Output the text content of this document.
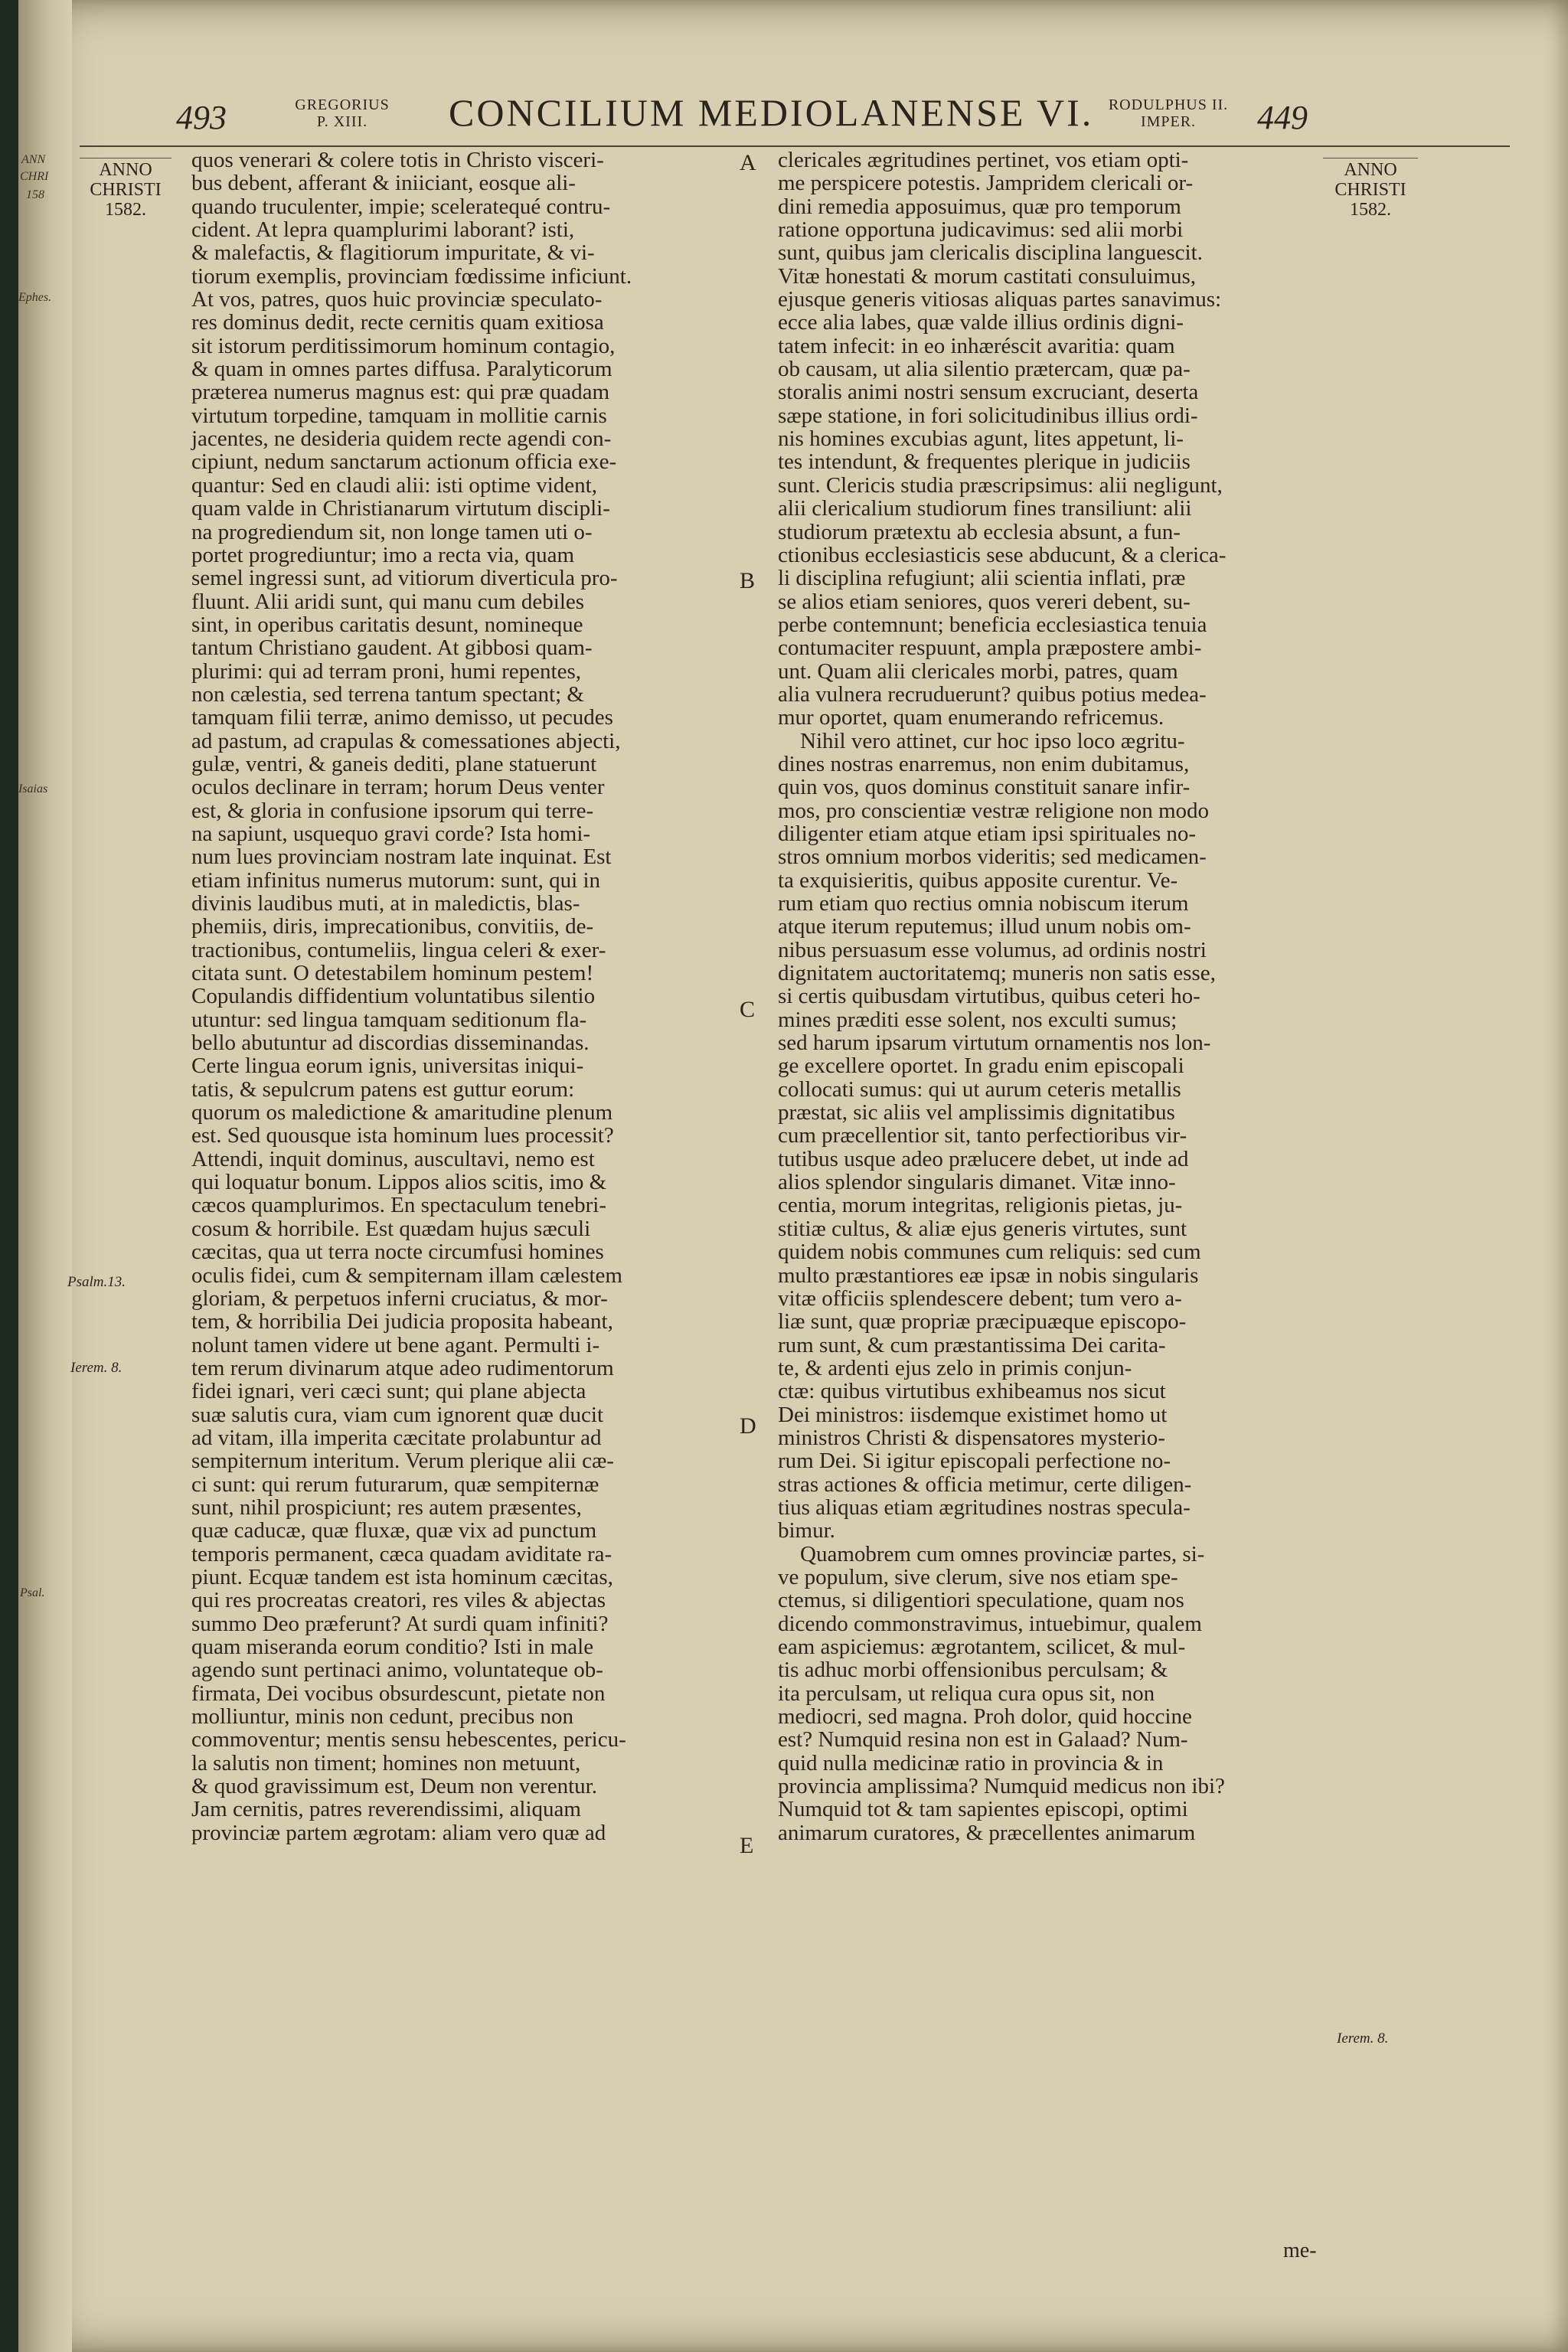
ANN
CHRI
158
Ephes.
Isaias
Psal.
493	GREGORIUS
P. XIII.	CONCILIUM MEDIOLANENSE VI. RODULPHUS II.
IMPER.	449
ANNO
CHRISTI
1582.
ANNO
CHRISTI
1582.
Psalm.13.
Ierem. 8.
Ierem. 8.
A
B
C
D
E
quos venerari & colere totis in Christo visceri-
bus debent, afferant & iniiciant, eosque ali-
quando truculenter, impie; sceleratequé contru-
cident. At lepra quamplurimi laborant? isti,
& malefactis, & flagitiorum impuritate, & vi-
tiorum exemplis, provinciam fœdissime inficiunt.
At vos, patres, quos huic provinciæ speculato-
res dominus dedit, recte cernitis quam exitiosa
sit istorum perditissimorum hominum contagio,
& quam in omnes partes diffusa. Paralyticorum
præterea numerus magnus est: qui præ quadam
virtutum torpedine, tamquam in mollitie carnis
jacentes, ne desideria quidem recte agendi con-
cipiunt, nedum sanctarum actionum officia exe-
quantur: Sed en claudi alii: isti optime vident,
quam valde in Christianarum virtutum discipli-
na progrediendum sit, non longe tamen uti o-
portet progrediuntur; imo a recta via, quam
semel ingressi sunt, ad vitiorum diverticula pro-
fluunt. Alii aridi sunt, qui manu cum debiles
sint, in operibus caritatis desunt, nomineque
tantum Christiano gaudent. At gibbosi quam-
plurimi: qui ad terram proni, humi repentes,
non cælestia, sed terrena tantum spectant; &
tamquam filii terræ, animo demisso, ut pecudes
ad pastum, ad crapulas & comessationes abjecti,
gulæ, ventri, & ganeis dediti, plane statuerunt
oculos declinare in terram; horum Deus venter
est, & gloria in confusione ipsorum qui terre-
na sapiunt, usquequo gravi corde? Ista homi-
num lues provinciam nostram late inquinat. Est
etiam infinitus numerus mutorum: sunt, qui in
divinis laudibus muti, at in maledictis, blas-
phemiis, diris, imprecationibus, convitiis, de-
tractionibus, contumeliis, lingua celeri & exer-
citata sunt. O detestabilem hominum pestem!
Copulandis diffidentium voluntatibus silentio
utuntur: sed lingua tamquam seditionum fla-
bello abutuntur ad discordias disseminandas.
Certe lingua eorum ignis, universitas iniqui-
tatis, & sepulcrum patens est guttur eorum:
quorum os maledictione & amaritudine plenum
est. Sed quousque ista hominum lues processit?
Attendi, inquit dominus, auscultavi, nemo est
qui loquatur bonum. Lippos alios scitis, imo &
cæcos quamplurimos. En spectaculum tenebri-
cosum & horribile. Est quædam hujus sæculi
cæcitas, qua ut terra nocte circumfusi homines
oculis fidei, cum & sempiternam illam cælestem
gloriam, & perpetuos inferni cruciatus, & mor-
tem, & horribilia Dei judicia proposita habeant,
nolunt tamen videre ut bene agant. Permulti i-
tem rerum divinarum atque adeo rudimentorum
fidei ignari, veri cæci sunt; qui plane abjecta
suæ salutis cura, viam cum ignorent quæ ducit
ad vitam, illa imperita cæcitate prolabuntur ad
sempiternum interitum. Verum plerique alii cæ-
ci sunt: qui rerum futurarum, quæ sempiternæ
sunt, nihil prospiciunt; res autem præsentes,
quæ caducæ, quæ fluxæ, quæ vix ad punctum
temporis permanent, cæca quadam aviditate ra-
piunt. Ecquæ tandem est ista hominum cæcitas,
qui res procreatas creatori, res viles & abjectas
summo Deo præferunt? At surdi quam infiniti?
quam miseranda eorum conditio? Isti in male
agendo sunt pertinaci animo, voluntateque ob-
firmata, Dei vocibus obsurdescunt, pietate non
molliuntur, minis non cedunt, precibus non
commoventur; mentis sensu hebescentes, pericu-
la salutis non timent; homines non metuunt,
& quod gravissimum est, Deum non verentur.
Jam cernitis, patres reverendissimi, aliquam
provinciæ partem ægrotam: aliam vero quæ ad
clericales ægritudines pertinet, vos etiam opti-
me perspicere potestis. Jampridem clericali or-
dini remedia apposuimus, quæ pro temporum
ratione opportuna judicavimus: sed alii morbi
sunt, quibus jam clericalis disciplina languescit.
Vitæ honestati & morum castitati consuluimus,
ejusque generis vitiosas aliquas partes sanavimus:
ecce alia labes, quæ valde illius ordinis digni-
tatem infecit: in eo inhæréscit avaritia: quam
ob causam, ut alia silentio prætercam, quæ pa-
storalis animi nostri sensum excruciant, deserta
sæpe statione, in fori solicitudinibus illius ordi-
nis homines excubias agunt, lites appetunt, li-
tes intendunt, & frequentes plerique in judiciis
sunt. Clericis studia præscripsimus: alii negligunt,
alii clericalium studiorum fines transiliunt: alii
studiorum prætextu ab ecclesia absunt, a fun-
ctionibus ecclesiasticis sese abducunt, & a clerica-
li disciplina refugiunt; alii scientia inflati, præ
se alios etiam seniores, quos vereri debent, su-
perbe contemnunt; beneficia ecclesiastica tenuia
contumaciter respuunt, ampla præpostere ambi-
unt. Quam alii clericales morbi, patres, quam
alia vulnera recruduerunt? quibus potius medea-
mur oportet, quam enumerando refricemus.
Nihil vero attinet, cur hoc ipso loco ægritu-
dines nostras enarremus, non enim dubitamus,
quin vos, quos dominus constituit sanare infir-
mos, pro conscientiæ vestræ religione non modo
diligenter etiam atque etiam ipsi spirituales no-
stros omnium morbos videritis; sed medicamen-
ta exquisieritis, quibus apposite curentur. Ve-
rum etiam quo rectius omnia nobiscum iterum
atque iterum reputemus; illud unum nobis om-
nibus persuasum esse volumus, ad ordinis nostri
dignitatem auctoritatemq; muneris non satis esse,
si certis quibusdam virtutibus, quibus ceteri ho-
mines præditi esse solent, nos exculti sumus;
sed harum ipsarum virtutum ornamentis nos lon-
ge excellere oportet. In gradu enim episcopali
collocati sumus: qui ut aurum ceteris metallis
præstat, sic aliis vel amplissimis dignitatibus
cum præcellentior sit, tanto perfectioribus vir-
tutibus usque adeo prælucere debet, ut inde ad
alios splendor singularis dimanet. Vitæ inno-
centia, morum integritas, religionis pietas, ju-
stitiæ cultus, & aliæ ejus generis virtutes, sunt
quidem nobis communes cum reliquis: sed cum
multo præstantiores eæ ipsæ in nobis singularis
vitæ officiis splendescere debent; tum vero a-
liæ sunt, quæ propriæ præcipuæque episcopo-
rum sunt, & cum præstantissima Dei carita-
te, & ardenti ejus zelo in primis conjun-
ctæ: quibus virtutibus exhibeamus nos sicut
Dei ministros: iisdemque existimet homo ut
ministros Christi & dispensatores mysterio-
rum Dei. Si igitur episcopali perfectione no-
stras actiones & officia metimur, certe diligen-
tius aliquas etiam ægritudines nostras specula-
bimur.
Quamobrem cum omnes provinciæ partes, si-
ve populum, sive clerum, sive nos etiam spe-
ctemus, si diligentiori speculatione, quam nos
dicendo commonstravimus, intuebimur, qualem
eam aspiciemus: ægrotantem, scilicet, & mul-
tis adhuc morbi offensionibus perculsam; &
ita perculsam, ut reliqua cura opus sit, non
mediocri, sed magna. Proh dolor, quid hoccine
est? Numquid resina non est in Galaad? Num-
quid nulla medicinæ ratio in provincia & in
provincia amplissima? Numquid medicus non ibi?
Numquid tot & tam sapientes episcopi, optimi
animarum curatores, & præcellentes animarum
me-
